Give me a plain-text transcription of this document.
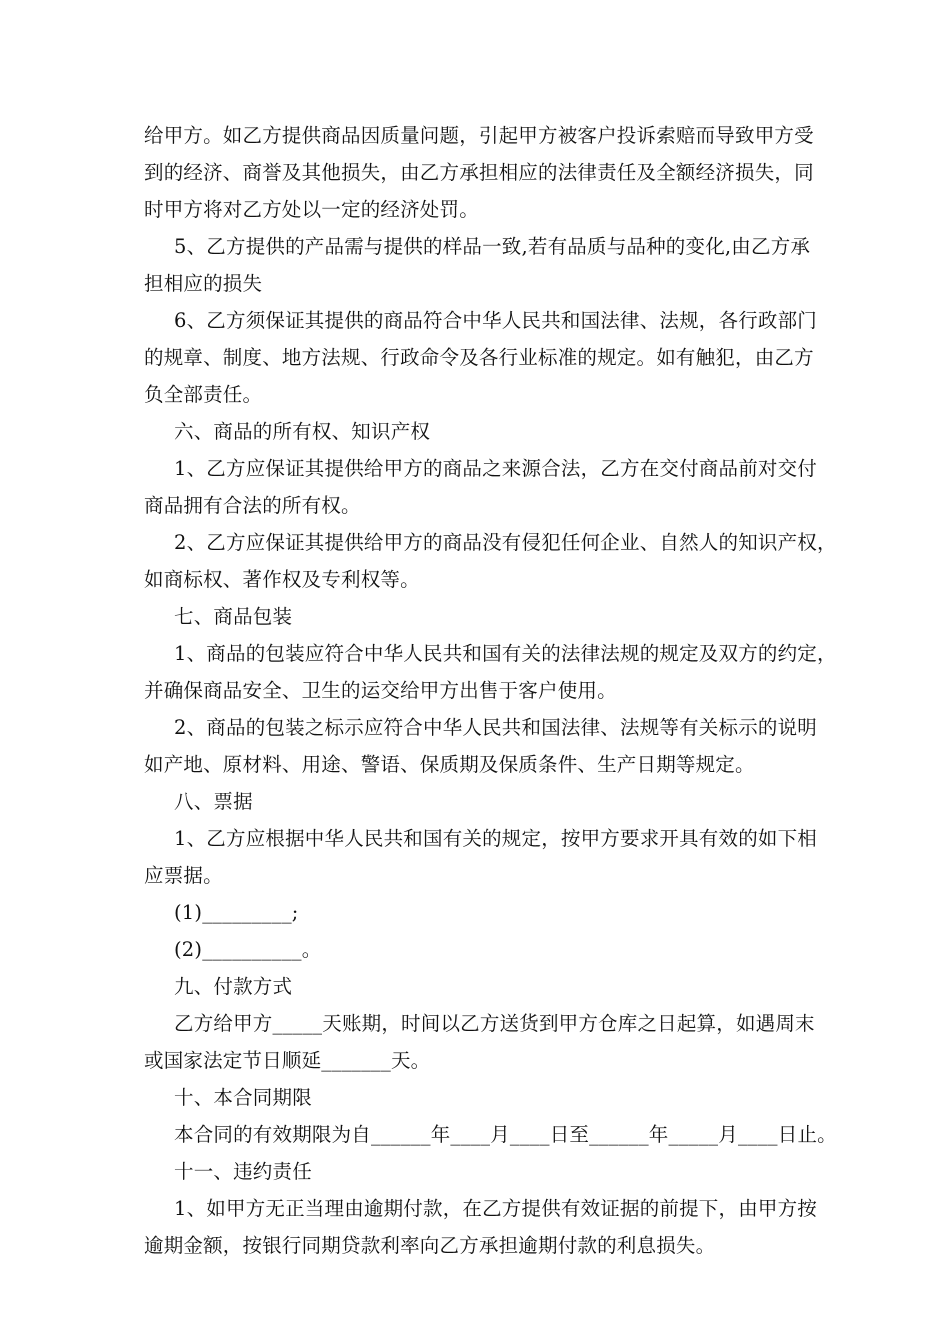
给甲方。如乙方提供商品因质量问题，引起甲方被客户投诉索赔而导致甲方受
到的经济、商誉及其他损失，由乙方承担相应的法律责任及全额经济损失，同
时甲方将对乙方处以一定的经济处罚。
5、乙方提供的产品需与提供的样品一致,若有品质与品种的变化,由乙方承
担相应的损失
6、乙方须保证其提供的商品符合中华人民共和国法律、法规，各行政部门
的规章、制度、地方法规、行政命令及各行业标准的规定。如有触犯，由乙方
负全部责任。
六、商品的所有权、知识产权
1、乙方应保证其提供给甲方的商品之来源合法，乙方在交付商品前对交付
商品拥有合法的所有权。
2、乙方应保证其提供给甲方的商品没有侵犯任何企业、自然人的知识产权，
如商标权、著作权及专利权等。
七、商品包装
1、商品的包装应符合中华人民共和国有关的法律法规的规定及双方的约定，
并确保商品安全、卫生的运交给甲方出售于客户使用。
2、商品的包装之标示应符合中华人民共和国法律、法规等有关标示的说明
如产地、原材料、用途、警语、保质期及保质条件、生产日期等规定。
八、票据
1、乙方应根据中华人民共和国有关的规定，按甲方要求开具有效的如下相
应票据。
(1)_________;
(2)__________。
九、付款方式
乙方给甲方_____天账期，时间以乙方送货到甲方仓库之日起算，如遇周末
或国家法定节日顺延_______天。
十、本合同期限
本合同的有效期限为自______年____月____日至______年_____月____日止。
十一、违约责任
1、如甲方无正当理由逾期付款，在乙方提供有效证据的前提下，由甲方按
逾期金额，按银行同期贷款利率向乙方承担逾期付款的利息损失。
